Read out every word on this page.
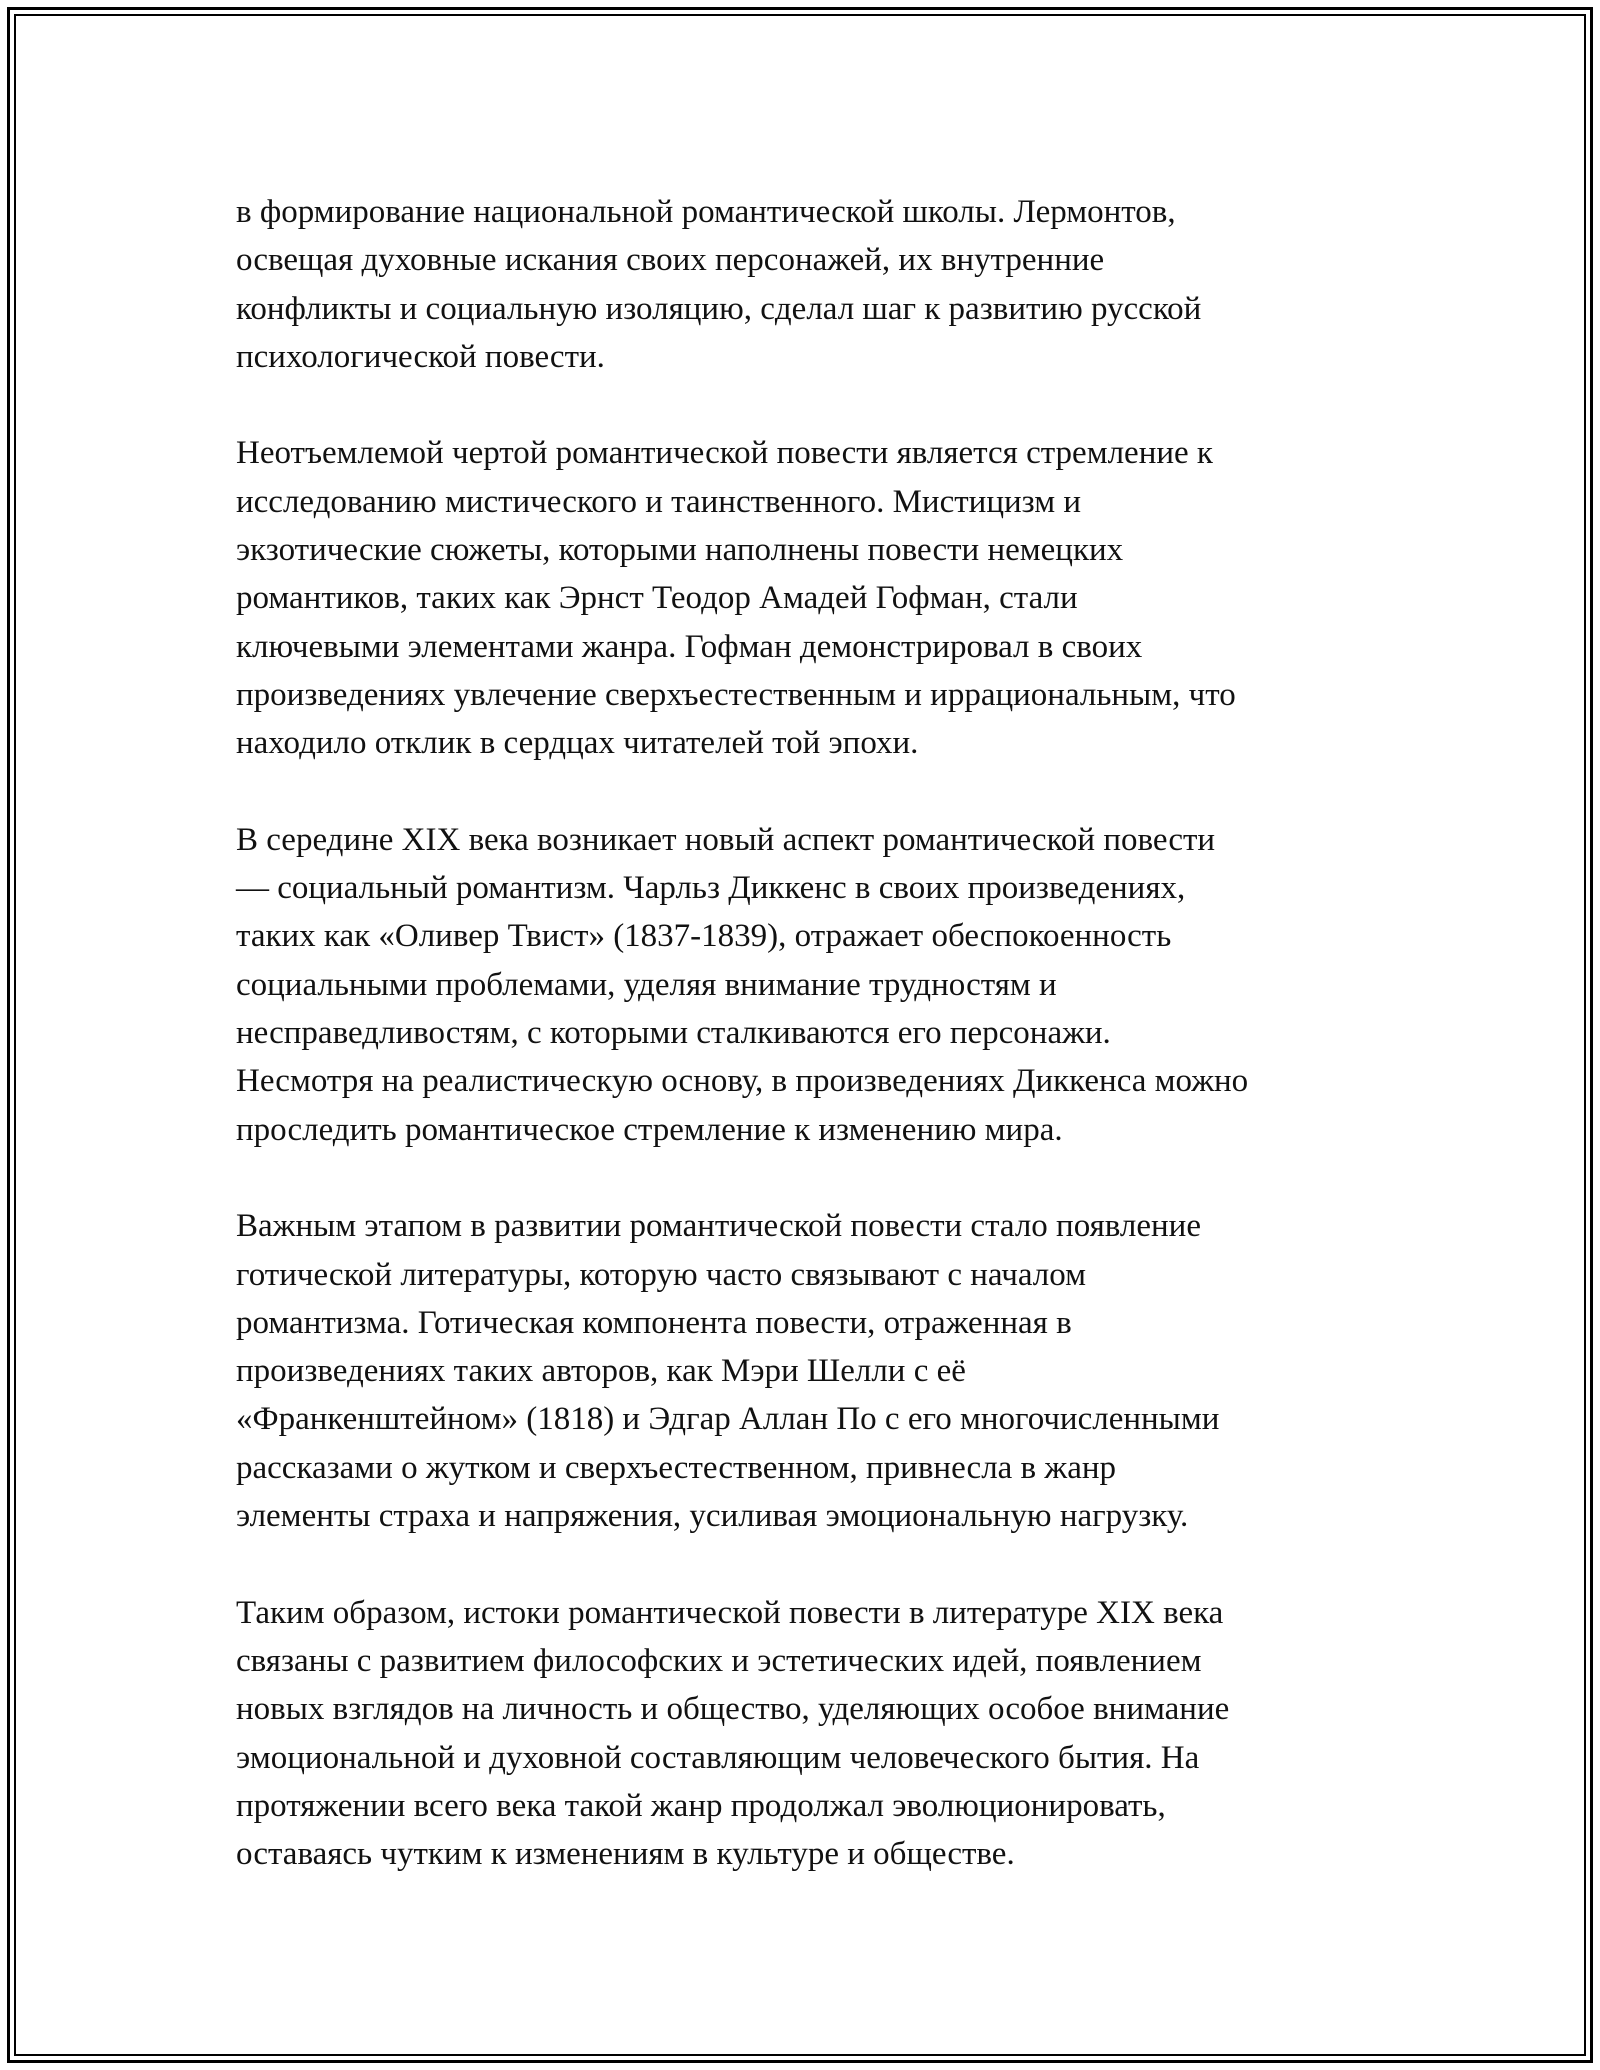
в формирование национальной романтической школы. Лермонтов,
освещая духовные искания своих персонажей, их внутренние
конфликты и социальную изоляцию, сделал шаг к развитию русской
психологической повести.

Неотъемлемой чертой романтической повести является стремление к
исследованию мистического и таинственного. Мистицизм и
экзотические сюжеты, которыми наполнены повести немецких
романтиков, таких как Эрнст Теодор Амадей Гофман, стали
ключевыми элементами жанра. Гофман демонстрировал в своих
произведениях увлечение сверхъестественным и иррациональным, что
находило отклик в сердцах читателей той эпохи.

В середине XIX века возникает новый аспект романтической повести
— социальный романтизм. Чарльз Диккенс в своих произведениях,
таких как «Оливер Твист» (1837-1839), отражает обеспокоенность
социальными проблемами, уделяя внимание трудностям и
несправедливостям, с которыми сталкиваются его персонажи.
Несмотря на реалистическую основу, в произведениях Диккенса можно
проследить романтическое стремление к изменению мира.

Важным этапом в развитии романтической повести стало появление
готической литературы, которую часто связывают с началом
романтизма. Готическая компонента повести, отраженная в
произведениях таких авторов, как Мэри Шелли с её
«Франкенштейном» (1818) и Эдгар Аллан По с его многочисленными
рассказами о жутком и сверхъестественном, привнесла в жанр
элементы страха и напряжения, усиливая эмоциональную нагрузку.

Таким образом, истоки романтической повести в литературе XIX века
связаны с развитием философских и эстетических идей, появлением
новых взглядов на личность и общество, уделяющих особое внимание
эмоциональной и духовной составляющим человеческого бытия. На
протяжении всего века такой жанр продолжал эволюционировать,
оставаясь чутким к изменениям в культуре и обществе.
